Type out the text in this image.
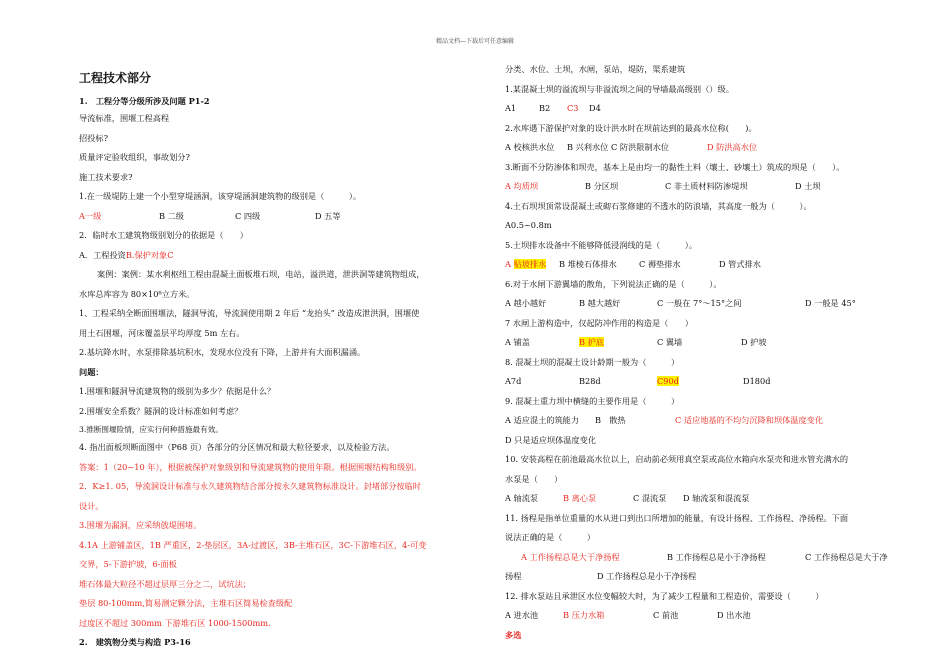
精品文档---下载后可任意编辑

工程技术部分

1.　工程分等分级所涉及问题 P1-2

导流标准，围堰工程高程

招投标?

质量评定验收组织，事故划分?

施工技术要求?

1.在一级堤防上建一个小型穿堤涵洞，该穿堤涵洞建筑物的级别是（　　　）。

A一级	B 二级	C 四级	D 五等

2．临时水工建筑物级别划分的依据是（　　）

A．工程投资B.保护对象C

案例：案例：某水利枢纽工程由混凝土面板堆石坝，电站，溢洪道，泄洪洞等建筑物组成，

水库总库容为 80×10⁸立方米。

1、工程采纳全断面围堰法，隧洞导流，导流洞使用期 2 年后 “龙抬头” 改造成泄洪洞，围堰使

用土石围堰，河床覆盖层平均厚度 5m 左右。

2.基坑降水时，水泵排除基坑积水，发现水位没有下降，上游并有大面积漏涌。

问题：

1.围堰和隧洞导流建筑物的级别为多少？依据是什么？

2.围堰安全系数？隧洞的设计标准如何考虑？

3.推断围堰险情，应实行何种措施最有效。

4. 指出面板坝断面图中（P68 页）各部分的分区情况和最大粒径要求，以及检验方法。

答案：1（20~10 年），根据被保护对象级别和导流建筑物的使用年限。根据围堰结构和级别。

2．K≥1. 05，导流洞设计标准与永久建筑物结合部分按永久建筑物标准设计。封堵部分按临时

设计。

3.围堰为漏洞，应采纳戗堤围堵。

4.1A 上游铺盖区，1B 严重区，2-垫层区，3A-过渡区，3B-主堆石区，3C-下游堆石区，4-可变

交界，5-下游护坡，6-面板

堆石体最大粒径不超过层厚三分之二，试坑法；

垫层 80-100mm,简易测定颗分法，主堆石区简易检查级配

过度区不超过 300mm 下游堆石区 1000-1500mm.

2.　建筑物分类与构造 P3-16

分类、水位、土坝，水闸，泵站，堤防，渠系建筑

1.某混凝土坝的溢流坝与非溢流坝之间的导墙最高级别（）级。

A1	B2 C3 D4

2.水库遇下游保护对象的设计洪水时在坝前达到的最高水位称(　　)。

A 校核洪水位 B 兴利水位 C 防洪限制水位	D 防洪高水位

3.断面不分防渗体和坝壳，基本上是由均一的黏性土料（壤土、砂壤土）筑成的坝是（　　）。

A 均质坝	B 分区坝	C 非土质材料防渗堤坝	D 土坝

4.土石坝坝顶常设混凝土或砌石浆修建的不透水的防浪墙，其高度一般为（　　　）。

A0.5~0.8m

5.土坝排水设备中不能够降低浸润线的是（　　　）。

A 贴坡排水 B 堆棱石体排水	C 褥垫排水	D 管式排水

6.对于水闸下游翼墙的散角，下列说法正确的是（　　　）。

A 越小越好	B 越大越好	C 一般在 7°～15°之间	D 一般是 45°

7 水闸上游构造中，仅起防冲作用的构造是（　　）

A 铺盖	B 护底	C 翼墙	D 护坡

8. 混凝土坝的混凝土设计龄期一般为（　　　）

A7d	B28d	C90d	D180d

9. 混凝土重力坝中横缝的主要作用是（　　　）

A 适应混土的筑能力 B　散热	C 适应地基的不均匀沉降和坝体温度变化

D 只是适应坝体温度变化

10. 安装高程在前池最高水位以上，启动前必须用真空泵或高位水箱向水泵壳和进水管充满水的

水泵是（　　）

A 轴流泵	B 离心泵	C 混流泵 D 轴流泵和混流泵

11. 扬程是指单位重量的水从进口到出口所增加的能量，有设计扬程、工作扬程、净扬程。下面

说法正确的是（　　　）

A 工作扬程总是大于净扬程	B 工作扬程总是小于净扬程	C 工作扬程总是大于净

扬程	D 工作扬程总是小于净扬程

12. 排水泵站且承泄区水位变幅较大时，为了减少工程量和工程造价，需要设（　　　）

A 进水池	B 压力水箱	C 前池	D 出水池

多选
